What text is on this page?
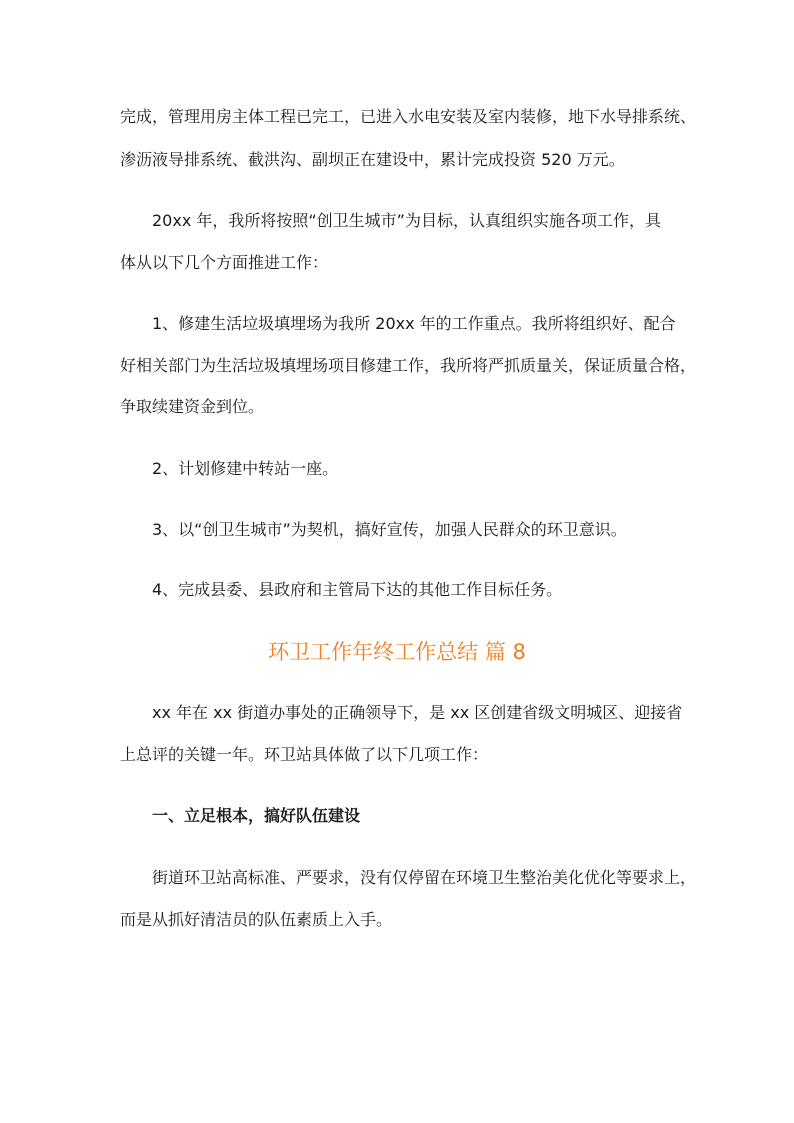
完成，管理用房主体工程已完工，已进入水电安装及室内装修，地下水导排系统、
渗沥液导排系统、截洪沟、副坝正在建设中，累计完成投资 520 万元。
20xx 年，我所将按照“创卫生城市”为目标，认真组织实施各项工作，具
体从以下几个方面推进工作：
1、修建生活垃圾填埋场为我所 20xx 年的工作重点。我所将组织好、配合
好相关部门为生活垃圾填埋场项目修建工作，我所将严抓质量关，保证质量合格，
争取续建资金到位。
2、计划修建中转站一座。
3、以“创卫生城市”为契机，搞好宣传，加强人民群众的环卫意识。
4、完成县委、县政府和主管局下达的其他工作目标任务。
环卫工作年终工作总结 篇 8
xx 年在 xx 街道办事处的正确领导下，是 xx 区创建省级文明城区、迎接省
上总评的关键一年。环卫站具体做了以下几项工作：
一、立足根本，搞好队伍建设
街道环卫站高标准、严要求，没有仅停留在环境卫生整治美化优化等要求上，
而是从抓好清洁员的队伍素质上入手。
